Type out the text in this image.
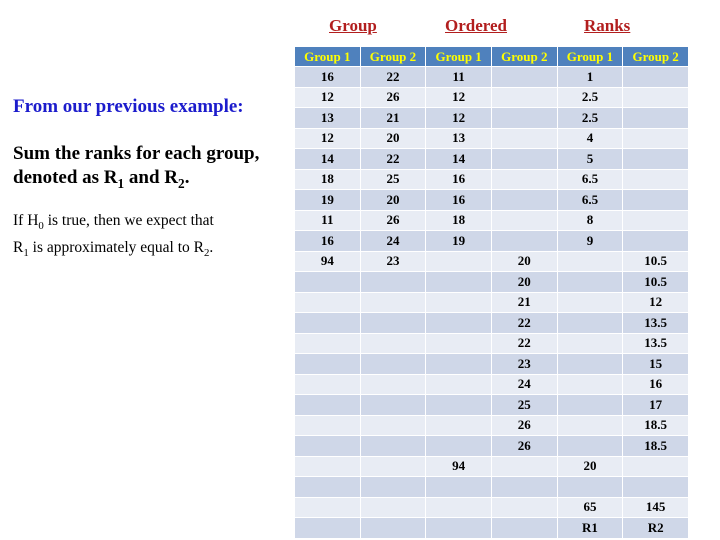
From our previous example:

Sum the ranks for each group,
denoted as $R_1$ and $R_2$.

If $H_0$ is true, then we expect that
$R_1$ is approximately equal to $R_2$.

Group	Ordered	Ranks
Group 1	Group 2	Group 1	Group 2	Group 1	Group 2
16	22	11		1	
12	26	12		2.5	
13	21	12		2.5	
12	20	13		4	
14	22	14		5	
18	25	16		6.5	
19	20	16		6.5	
11	26	18		8	
16	24	19		9	
94	23		20		10.5
			20		10.5
			21		12
			22		13.5
			22		13.5
			23		15
			24		16
			25		17
			26		18.5
			26		18.5
		94		20	

				65	145
				R1	R2
